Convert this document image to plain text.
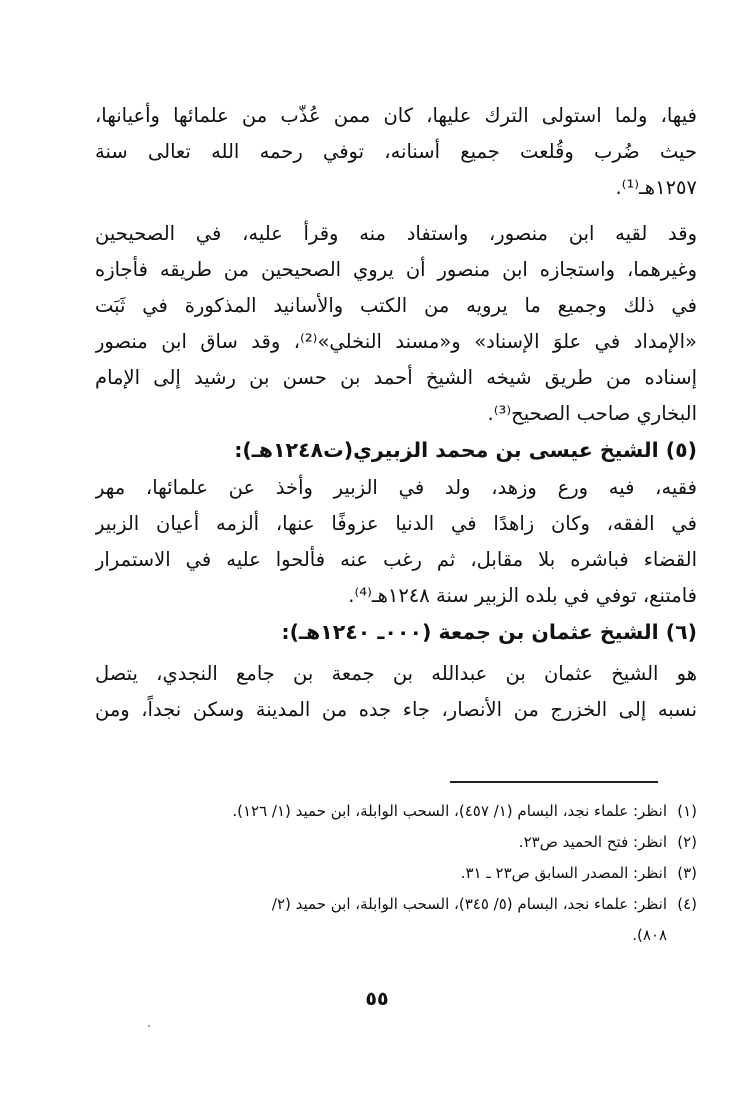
فيها، ولما استولى الترك عليها، كان ممن عُذّب من علمائها وأعيانها،
حيث ضُرب وقُلعت جميع أسنانه، توفي رحمه الله تعالى سنة
١٢٥٧هـ⁽¹⁾.
وقد لقيه ابن منصور، واستفاد منه وقرأ عليه، في الصحيحين
وغيرهما، واستجازه ابن منصور أن يروي الصحيحين من طريقه فأجازه
في ذلك وجميع ما يرويه من الكتب والأسانيد المذكورة في ثَبَت
«الإمداد في علوَ الإسناد» و«مسند النخلي»⁽²⁾، وقد ساق ابن منصور
إسناده من طريق شيخه الشيخ أحمد بن حسن بن رشيد إلى الإمام
البخاري صاحب الصحيح⁽³⁾.
(٥) الشيخ عيسى بن محمد الزبيري(ت١٢٤٨هـ):
فقيه، فيه ورع وزهد، ولد في الزبير وأخذ عن علمائها، مهر
في الفقه، وكان زاهدًا في الدنيا عزوفًا عنها، ألزمه أعيان الزبير
القضاء فباشره بلا مقابل، ثم رغب عنه فألحوا عليه في الاستمرار
فامتنع، توفي في بلده الزبير سنة ١٢٤٨هـ⁽⁴⁾.
(٦) الشيخ عثمان بن جمعة (٠٠٠ـ ١٢٤٠هـ):
هو الشيخ عثمان بن عبدالله بن جمعة بن جامع النجدي، يتصل
نسبه إلى الخزرج من الأنصار، جاء جده من المدينة وسكن نجداً، ومن
(١)انظر: علماء نجد، البسام (١/ ٤٥٧)، السحب الوابلة، ابن حميد (١/ ١٢٦).
(٢)انظر: فتح الحميد ص٢٣.
(٣)انظر: المصدر السابق ص٢٣ ـ ٣١.
(٤)انظر: علماء نجد، البسام (٥/ ٣٤٥)، السحب الوابلة، ابن حميد (٢/
٨٠٨).
٥٥
